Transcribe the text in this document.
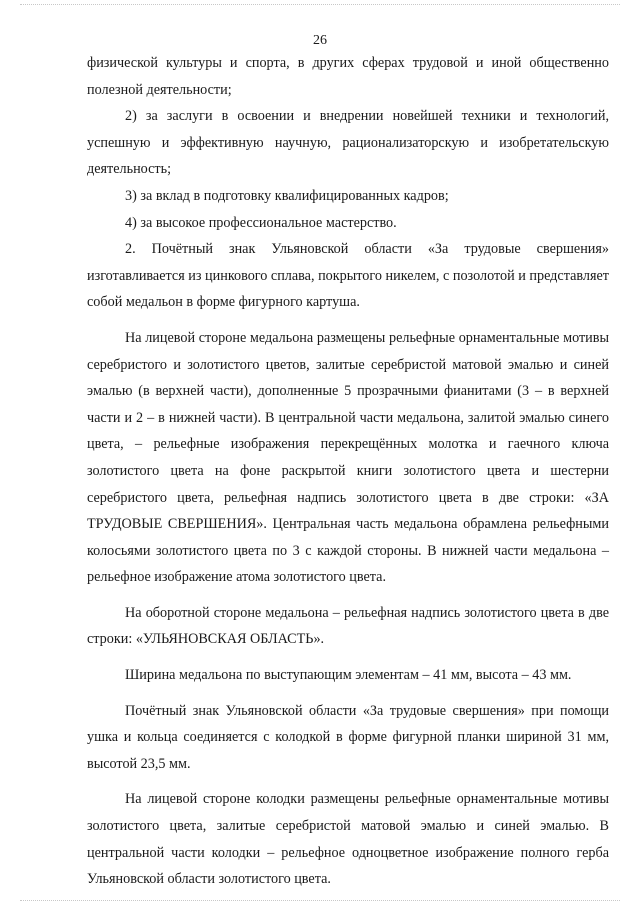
26

физической культуры и спорта, в других сферах трудовой и иной общественно полезной деятельности;

2) за заслуги в освоении и внедрении новейшей техники и технологий, успешную и эффективную научную, рационализаторскую и изобретательскую деятельность;

3) за вклад в подготовку квалифицированных кадров;

4) за высокое профессиональное мастерство.

2. Почётный знак Ульяновской области «За трудовые свершения» изготавливается из цинкового сплава, покрытого никелем, с позолотой и представляет собой медальон в форме фигурного картуша.

На лицевой стороне медальона размещены рельефные орнаментальные мотивы серебристого и золотистого цветов, залитые серебристой матовой эмалью и синей эмалью (в верхней части), дополненные 5 прозрачными фианитами (3 – в верхней части и 2 – в нижней части). В центральной части медальона, залитой эмалью синего цвета, – рельефные изображения перекрещённых молотка и гаечного ключа золотистого цвета на фоне раскрытой книги золотистого цвета и шестерни серебристого цвета, рельефная надпись золотистого цвета в две строки: «ЗА ТРУДОВЫЕ СВЕРШЕНИЯ». Центральная часть медальона обрамлена рельефными колосьями золотистого цвета по 3 с каждой стороны. В нижней части медальона – рельефное изображение атома золотистого цвета.

На оборотной стороне медальона – рельефная надпись золотистого цвета в две строки: «УЛЬЯНОВСКАЯ ОБЛАСТЬ».

Ширина медальона по выступающим элементам – 41 мм, высота – 43 мм.

Почётный знак Ульяновской области «За трудовые свершения» при помощи ушка и кольца соединяется с колодкой в форме фигурной планки шириной 31 мм, высотой 23,5 мм.

На лицевой стороне колодки размещены рельефные орнаментальные мотивы золотистого цвета, залитые серебристой матовой эмалью и синей эмалью. В центральной части колодки – рельефное одноцветное изображение полного герба Ульяновской области золотистого цвета.
